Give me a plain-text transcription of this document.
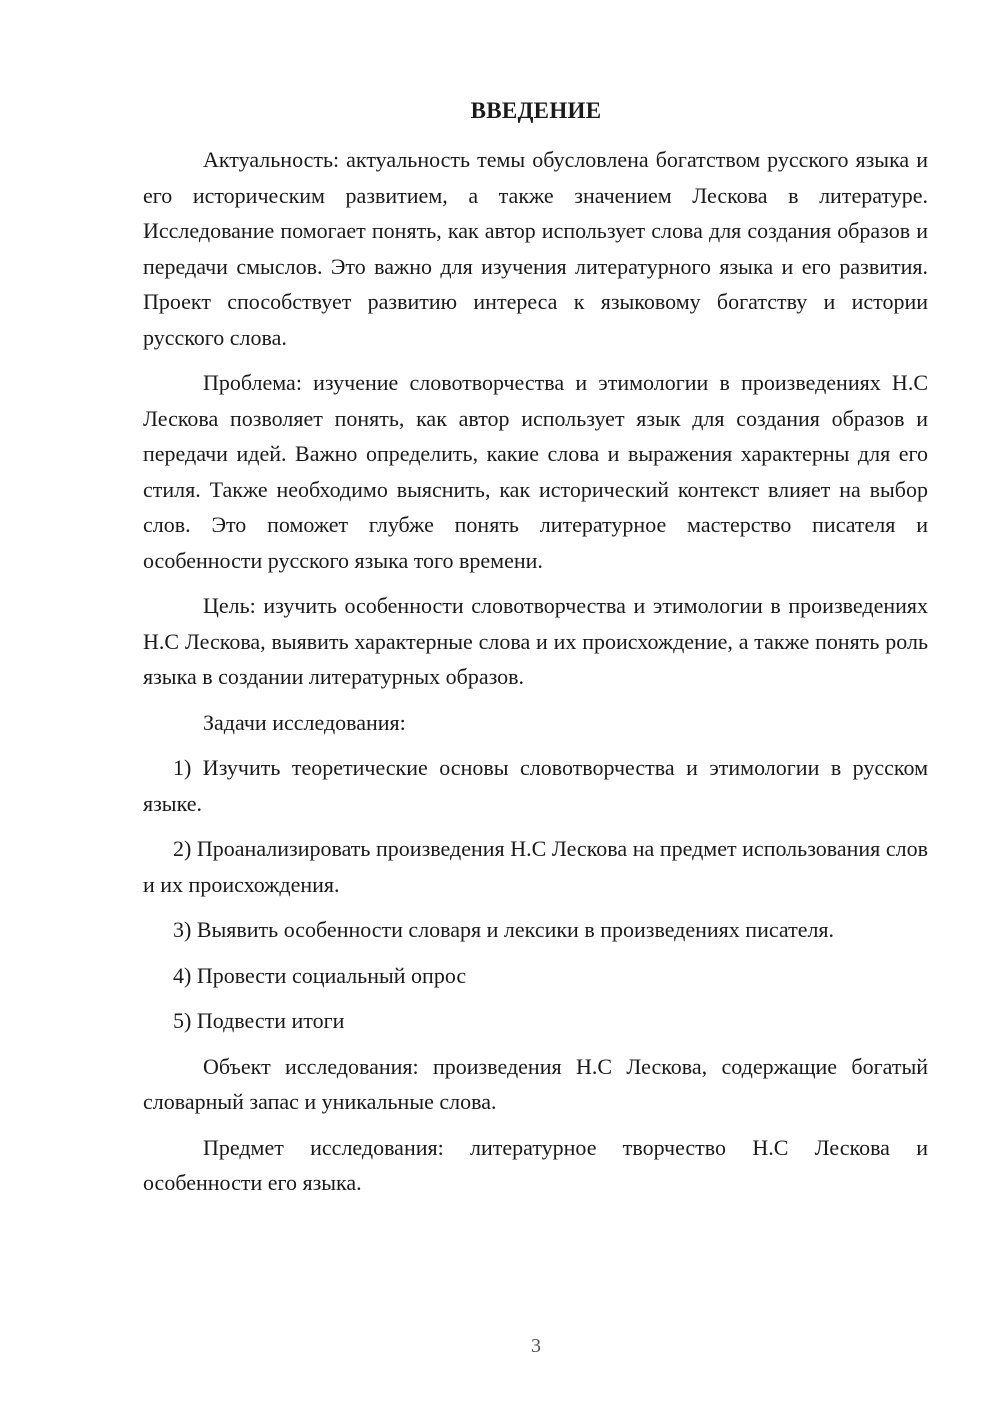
ВВЕДЕНИЕ

Актуальность: актуальность темы обусловлена богатством русского языка и его историческим развитием, а также значением Лескова в литературе. Исследование помогает понять, как автор использует слова для создания образов и передачи смыслов. Это важно для изучения литературного языка и его развития. Проект способствует развитию интереса к языковому богатству и истории русского слова.

Проблема: изучение словотворчества и этимологии в произведениях Н.С Лескова позволяет понять, как автор использует язык для создания образов и передачи идей. Важно определить, какие слова и выражения характерны для его стиля. Также необходимо выяснить, как исторический контекст влияет на выбор слов. Это поможет глубже понять литературное мастерство писателя и особенности русского языка того времени.

Цель: изучить особенности словотворчества и этимологии в произведениях Н.С Лескова, выявить характерные слова и их происхождение, а также понять роль языка в создании литературных образов.

Задачи исследования:

1) Изучить теоретические основы словотворчества и этимологии в русском языке.

2) Проанализировать произведения Н.С Лескова на предмет использования слов и их происхождения.

3) Выявить особенности словаря и лексики в произведениях писателя.

4) Провести социальный опрос

5) Подвести итоги

Объект исследования: произведения Н.С Лескова, содержащие богатый словарный запас и уникальные слова.

Предмет исследования: литературное творчество Н.С Лескова и особенности его языка.

3
